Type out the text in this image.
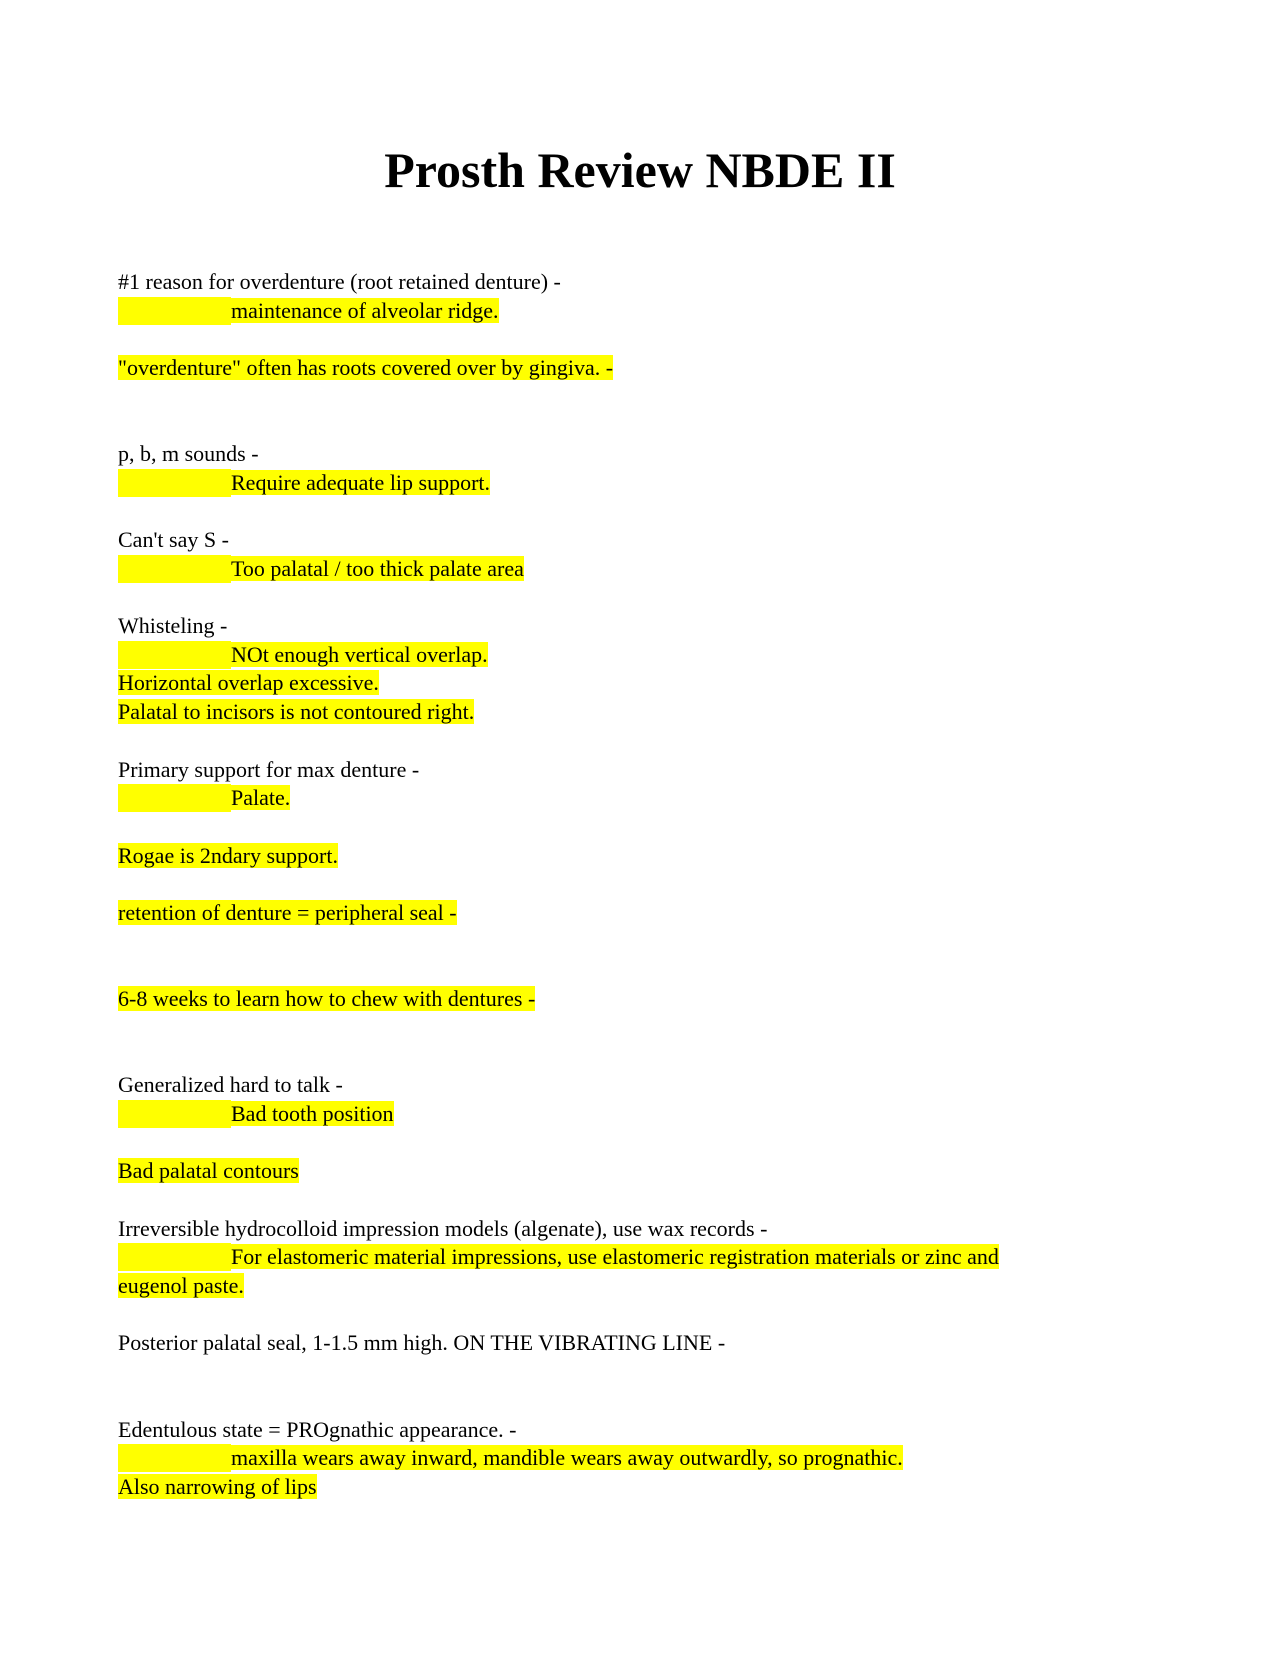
Prosth Review NBDE II
#1 reason for overdenture (root retained denture) -
maintenance of alveolar ridge.
"overdenture" often has roots covered over by gingiva. -
p, b, m sounds -
Require adequate lip support.
Can't say S -
Too palatal / too thick palate area
Whisteling -
NOt enough vertical overlap.
Horizontal overlap excessive.
Palatal to incisors is not contoured right.
Primary support for max denture -
Palate.
Rogae is 2ndary support.
retention of denture = peripheral seal -
6-8 weeks to learn how to chew with dentures -
Generalized hard to talk -
Bad tooth position
Bad palatal contours
Irreversible hydrocolloid impression models (algenate), use wax records -
For elastomeric material impressions, use elastomeric registration materials or zinc and
eugenol paste.
Posterior palatal seal, 1-1.5 mm high. ON THE VIBRATING LINE -
Edentulous state = PROgnathic appearance. -
maxilla wears away inward, mandible wears away outwardly, so prognathic.
Also narrowing of lips
